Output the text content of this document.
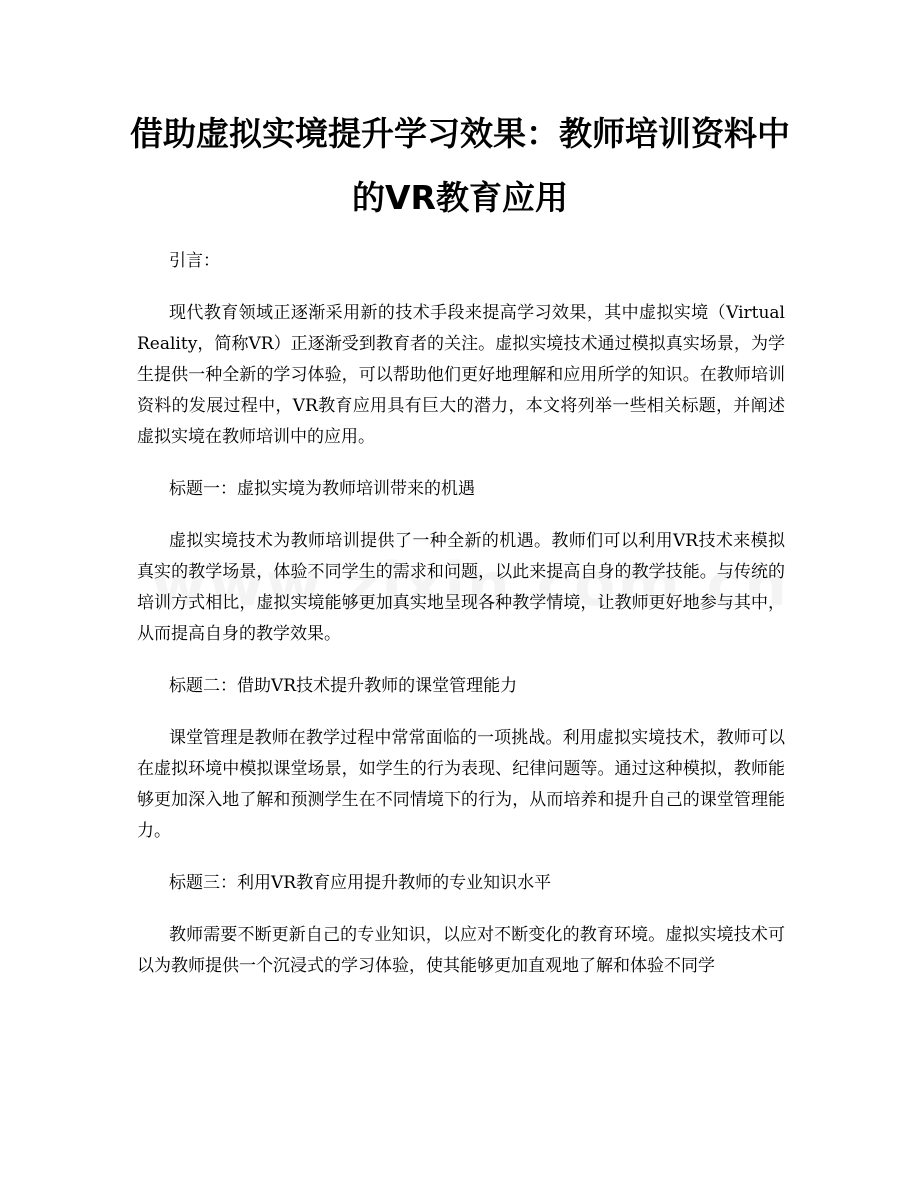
借助虚拟实境提升学习效果：教师培训资料中的VR教育应用

引言：

现代教育领域正逐渐采用新的技术手段来提高学习效果，其中虚拟实境（Virtual Reality，简称VR）正逐渐受到教育者的关注。虚拟实境技术通过模拟真实场景，为学生提供一种全新的学习体验，可以帮助他们更好地理解和应用所学的知识。在教师培训资料的发展过程中，VR教育应用具有巨大的潜力，本文将列举一些相关标题，并阐述虚拟实境在教师培训中的应用。

标题一：虚拟实境为教师培训带来的机遇

虚拟实境技术为教师培训提供了一种全新的机遇。教师们可以利用VR技术来模拟真实的教学场景，体验不同学生的需求和问题，以此来提高自身的教学技能。与传统的培训方式相比，虚拟实境能够更加真实地呈现各种教学情境，让教师更好地参与其中，从而提高自身的教学效果。

标题二：借助VR技术提升教师的课堂管理能力

课堂管理是教师在教学过程中常常面临的一项挑战。利用虚拟实境技术，教师可以在虚拟环境中模拟课堂场景，如学生的行为表现、纪律问题等。通过这种模拟，教师能够更加深入地了解和预测学生在不同情境下的行为，从而培养和提升自己的课堂管理能力。

标题三：利用VR教育应用提升教师的专业知识水平

教师需要不断更新自己的专业知识，以应对不断变化的教育环境。虚拟实境技术可以为教师提供一个沉浸式的学习体验，使其能够更加直观地了解和体验不同学
